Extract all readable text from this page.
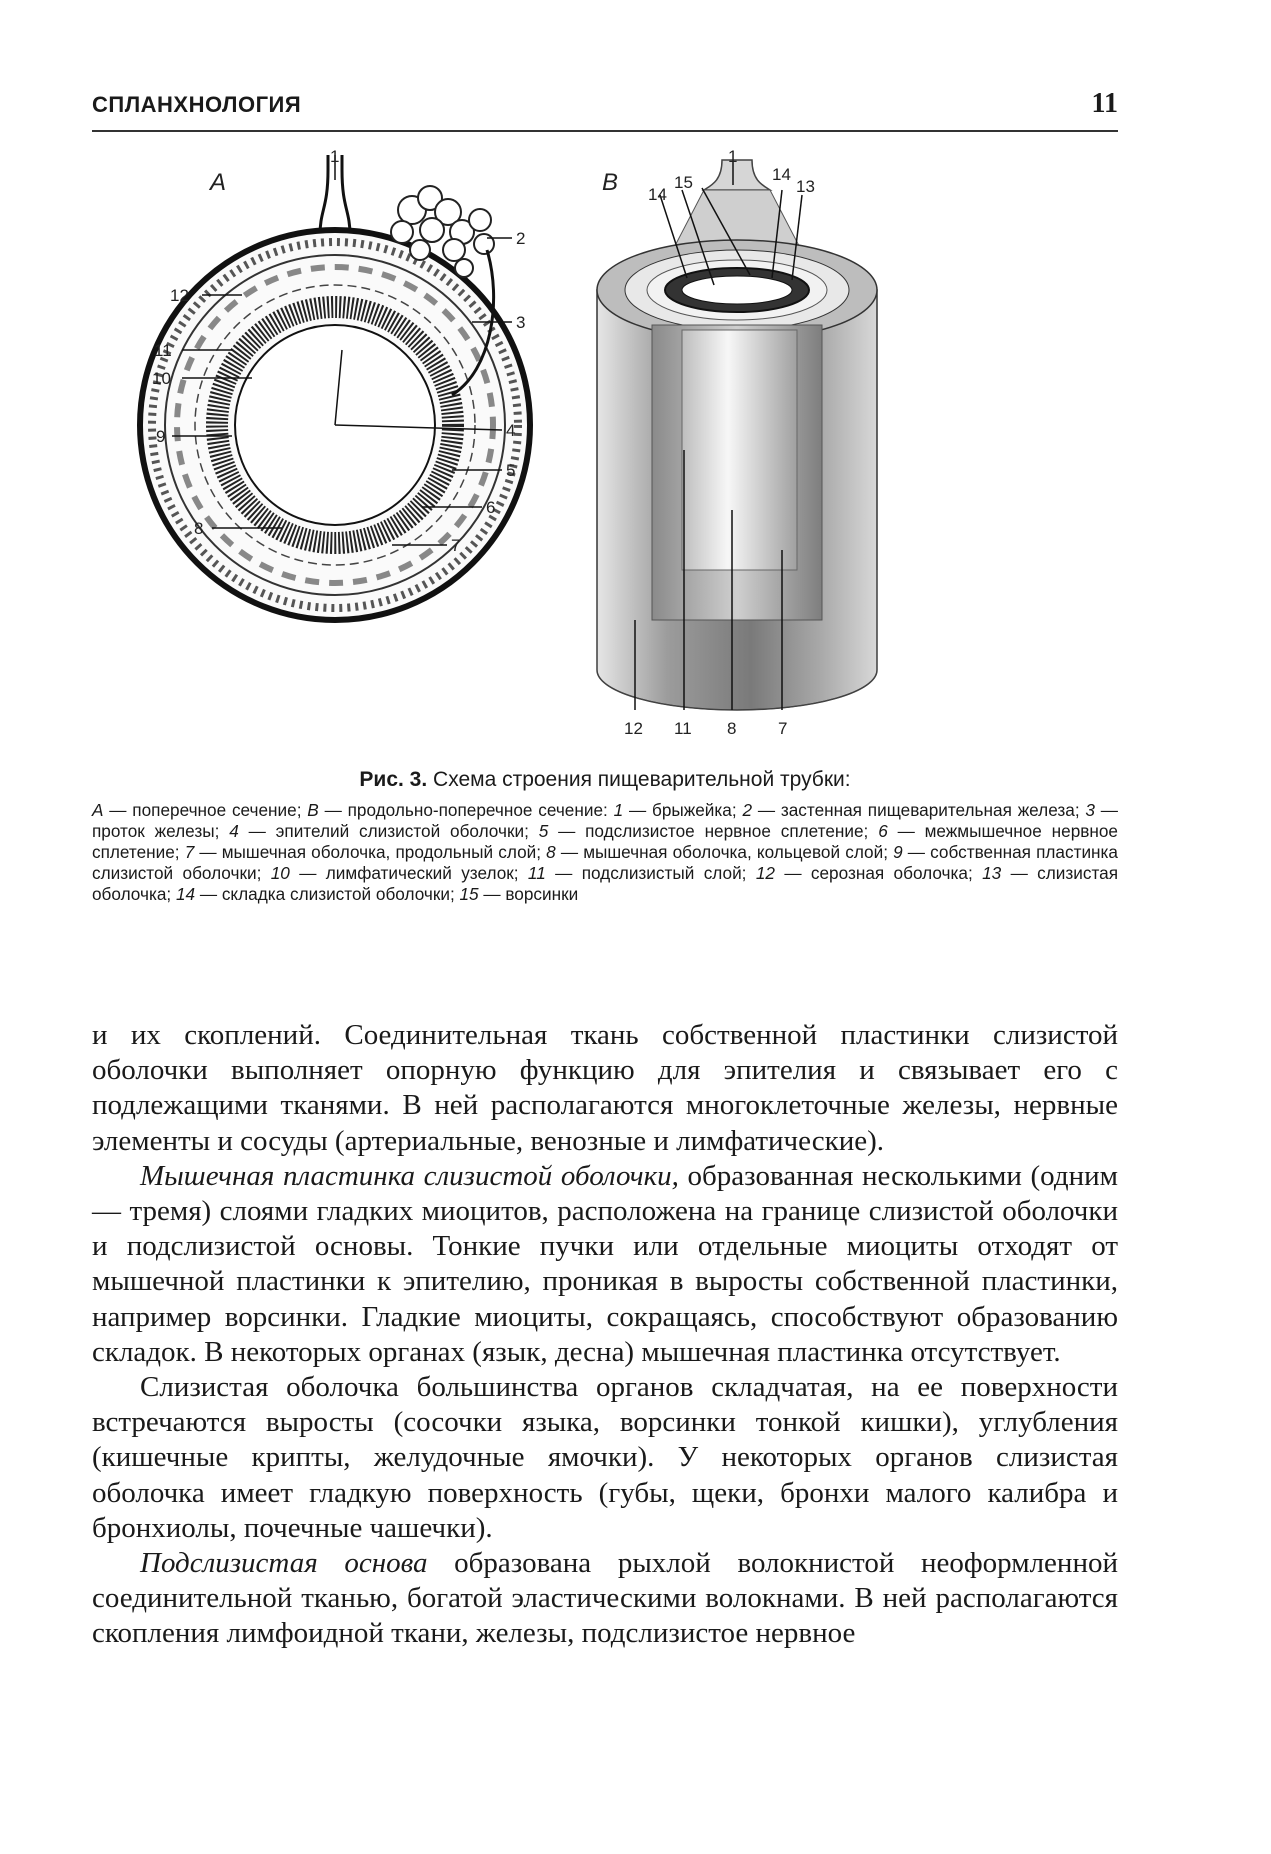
СПЛАНХНОЛОГИЯ	11
A
1
2
3
4
5
6
7
8
9
10
11
12
B
1
14
15	14
13
12 11 8 7
Рис. 3. Схема строения пищеварительной трубки:
A — поперечное сечение; B — продольно-поперечное сечение: 1 — брыжейка; 2 — застенная пищеварительная железа; 3 — проток железы; 4 — эпителий слизистой оболочки; 5 — подслизистое нервное сплетение; 6 — межмышечное нервное сплетение; 7 — мышечная оболочка, продольный слой; 8 — мышечная оболочка, кольцевой слой; 9 — собственная пластинка слизистой оболочки; 10 — лимфатический узелок; 11 — подслизистый слой; 12 — серозная оболочка; 13 — слизистая оболочка; 14 — складка слизистой оболочки; 15 — ворсинки

и их скоплений. Соединительная ткань собственной пластинки слизистой оболочки выполняет опорную функцию для эпителия и связывает его с подлежащими тканями. В ней располагаются многоклеточные железы, нервные элементы и сосуды (артериальные, венозные и лимфатические).

Мышечная пластинка слизистой оболочки, образованная несколькими (одним — тремя) слоями гладких миоцитов, расположена на границе слизистой оболочки и подслизистой основы. Тонкие пучки или отдельные миоциты отходят от мышечной пластинки к эпителию, проникая в выросты собственной пластинки, например ворсинки. Гладкие миоциты, сокращаясь, способствуют образованию складок. В некоторых органах (язык, десна) мышечная пластинка отсутствует.

Слизистая оболочка большинства органов складчатая, на ее поверхности встречаются выросты (сосочки языка, ворсинки тонкой кишки), углубления (кишечные крипты, желудочные ямочки). У некоторых органов слизистая оболочка имеет гладкую поверхность (губы, щеки, бронхи малого калибра и бронхиолы, почечные чашечки).

Подслизистая основа образована рыхлой волокнистой неоформленной соединительной тканью, богатой эластическими волокнами. В ней располагаются скопления лимфоидной ткани, железы, подслизистое нервное
